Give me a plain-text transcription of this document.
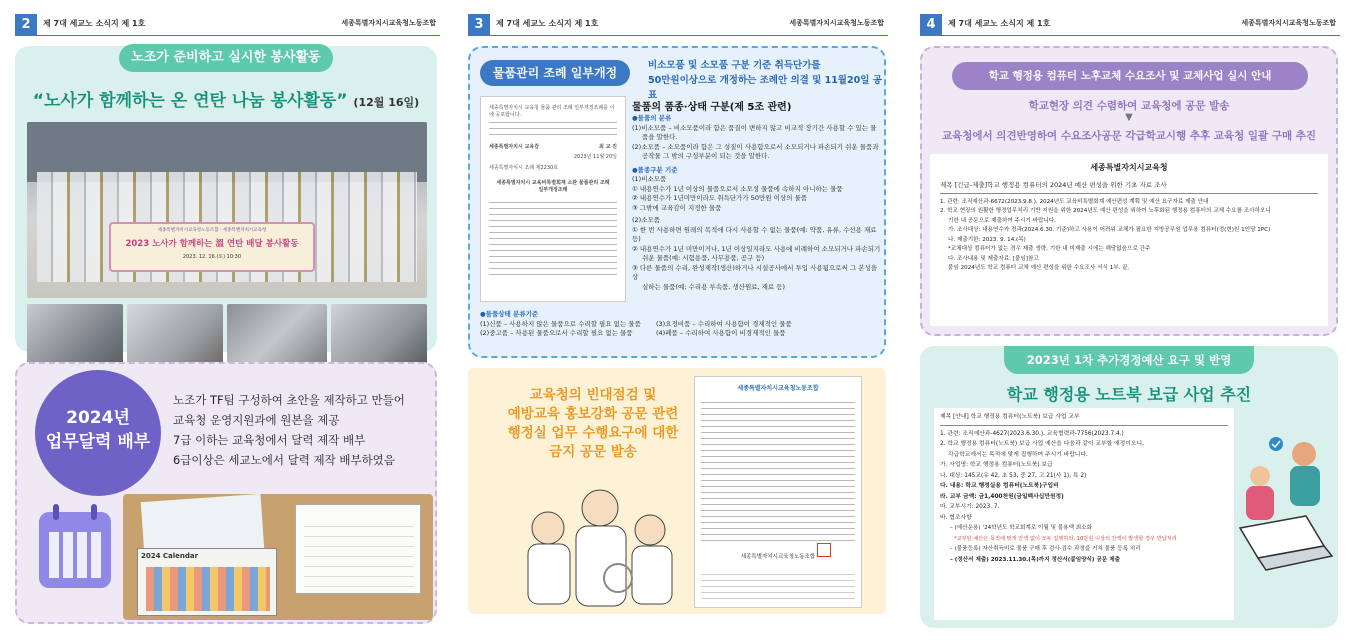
2	제 7대 세교노 소식지 제 1호	세종특별자치시교육청노동조합
노조가 준비하고 실시한 봉사활동
“노사가 함께하는 온 연탄 나눔 봉사활동” (12월 16일)
세종특별자치시교육청노동조합 · 세종특별자치시교육청
2023 노사가 함께하는 溫 연탄 배달 봉사활동
2023. 12. 16.(토) 10:30
2024년
업무달력 배부
노조가 TF팀 구성하여 초안을 제작하고 만들어
교육청 운영지원과에 원본을 제공
7급 이하는 교육청에서 달력 제작 배부
6급이상은 세교노에서 달력 제작 배부하였음
2024 Calendar
3	제 7대 세교노 소식지 제 1호	세종특별자치시교육청노동조합
물품관리 조례 일부개정
비소모품 및 소모품 구분 기준 취득단가를
50만원이상으로 개정하는 조례안 의결 및 11월20일 공표
세종특별자치시 교육청 물품 관리 조례 일부개정조례를 이에 공포합니다.
세종특별자치시 교육감	최 교 진
2023년 11월 20일
세종특별자치시 조례 제2230호
세종특별자치시 교육비특별회계 소관 물품관리 조례 일부개정조례
물품의 품종·상태 구분(제 5조 관련)
●물품의 분류
(1)비소모품 – 비소모품이라 함은 품질이 변하지 않고 비교적 장기간 사용할 수 있는 물
품을 말한다.
(2)소모품 – 소모품이라 함은 그 성질이 사용함으로서 소모되거나 파손되기 쉬운 물품과
공작물 그 밖의 구성부분이 되는 것을 말한다.
●품종구분 기준
(1)비소모품
① 내용연수가 1년 이상의 물품으로서 소모성 물품에 속하지 아니하는 물품
② 내용연수가 1년미만이라도 취득단가가 50만원 이상의 물품
③ 그밖에 교육감이 지정한 물품
(2)소모품
① 한 번 사용하면 원래의 목적에 다시 사용할 수 없는 물품(예: 약품, 유류, 수선용 재료 등)
② 내용연수가 1년 미만이거나, 1년 이상일지라도 사용에 비례하여 소모되거나 파손되기
쉬운 물품(예: 시험용품, 사무용품, 공구 등)
③ 다른 물품의 수리, 완성제작(생산)하거나 시설공사에서 투입 사용됨으로써 그 본성을 상
실하는 물품(예: 수리용 부속품, 생산원료, 재료 등)
●물품상태 분류기준
(1)신품 – 사용하지 않은 물품으로 수리할 필요 없는 물품
(2)중고품 – 사용된 물품으로서 수리할 필요 없는 물품
(3)요정비품 – 수리하여 사용함이 경제적인 물품
(4)폐품 – 수리하여 사용함이 비경제적인 물품
교육청의 빈대점검 및
예방교육 홍보강화 공문 관련
행정실 업무 수행요구에 대한
금지 공문 발송
세종특별자치시교육청노동조합
세종특별자치시교육청노동조합
4	제 7대 세교노 소식지 제 1호	세종특별자치시교육청노동조합
학교 행정용 컴퓨터 노후교체 수요조사 및 교체사업 실시 안내
학교현장 의견 수렴하여 교육청에 공문 발송
▼
교육청에서 의견반영하여 수요조사공문 각급학교시행 추후 교육청 일괄 구매 추진
세종특별자치시교육청
제목 [긴급-제출]학교 행정용 컴퓨터의 2024년 예산 편성을 위한 기초 자료 조사
1. 관련: 조직예산과-6672(2023.9.8.), 2024년도 교육비특별회계 예산편성 계획 및 예산 요구자료 제출 안내
2. 학교 현장의 원활한 행정업무처리 기반 지원을 위한 2024년도 예산 편성을 위하여 노후화된 행정용 컴퓨터의 교체 수요를 조사하오니
기한 내 공문으로 제출하여 주시기 바랍니다.
가. 조사대상: 내용연수가 경과(2024.6.30. 기준)하고 사용이 어려워 교체가 필요한 지방공무원 업무용 컴퓨터(정(현)원 1인당 1PC)
나. 제출기한: 2023. 9. 14.(목)
*교체대상 컴퓨터가 없는 경우 제출 생략, 기한 내 미제출 시에는 해당없음으로 간주
다. 조사내용 및 제출자료: [붙임]참고
붙임 2024년도 학교 컴퓨터 교체 예산 편성을 위한 수요조사 서식 1부. 끝.
2023년 1차 추가경정예산 요구 및 반영
학교 행정용 노트북 보급 사업 추진
제목 [안내] 학교 행정용 컴퓨터(노트북) 보급 사업 교부
1. 관련: 조직예산과-4627(2023.6.30.), 교육협력과-7756(2023.7.4.)
2. 학교 행정용 컴퓨터(노트북) 보급 사업 예산을 다음과 같이 교부할 예정이오니,
각급학교에서는 목적에 맞게 집행하여 주시기 바랍니다.
가. 사업명: 학교 행정용 컴퓨터(노트북) 보급
나. 대상: 145교(유 42, 초 53, 중 27, 고 21(사 1), 특 2)
다. 내용: 학교 행정실용 컴퓨터(노트북)구입비
라. 교부 금액: 금1,400천원(금일백사십만원정)
마. 교부시기: 2023. 7.
바. 협조사항
– (예산운용) ‘24학년도 학교회계로 이월 및 불용액 최소화
*교부된 예산은 목적에 맞게 잔액 없이 모두 집행하되, 10만원 이상의 잔액이 발생할 경우 반납처리
– (물품등록) 자산취득비로 물품 구매 후 검사·검수 과정을 거쳐 물품 등록 처리
– (정산서 제출) 2023.11.30.(목)까지 정산서(붙임양식) 공문 제출
